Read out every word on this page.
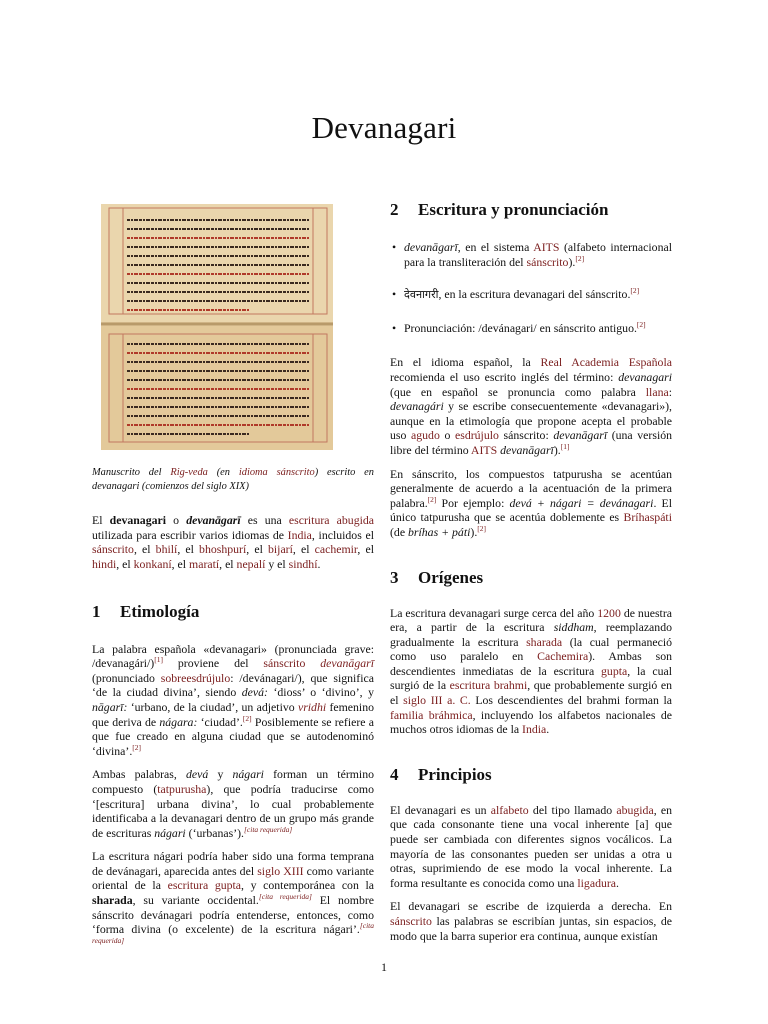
Devanagari
Manuscrito del Rig-veda (en idioma sánscrito) escrito en devanagari (comienzos del siglo XIX)

El devanagari o devanāgarī es una escritura abugida utilizada para escribir varios idiomas de India, incluidos el sánscrito, el bhilí, el bhoshpurí, el bijarí, el cachemir, el hindi, el konkaní, el maratí, el nepalí y el sindhí.

1 Etimología

La palabra española «devanagari» (pronunciada grave: /devanagári/)[1] proviene del sánscrito devanāgarī (pronunciado sobreesdrújulo: /devánagari/), que significa ‘de la ciudad divina’, siendo devá: ‘dioss’ o ‘divino’, y nāgarī: ‘urbano, de la ciudad’, un adjetivo vridhi femenino que deriva de nágara: ‘ciudad’.[2] Posiblemente se refiere a que fue creado en alguna ciudad que se autodenominó ‘divina’.[2]

Ambas palabras, devá y nágari forman un término compuesto (tatpurusha), que podría traducirse como ‘[escritura] urbana divina’, lo cual probablemente identificaba a la devanagari dentro de un grupo más grande de escrituras nágari (‘urbanas’).[cita requerida]

La escritura nágari podría haber sido una forma temprana de devánagari, aparecida antes del siglo XIII como variante oriental de la escritura gupta, y contemporánea con la sharada, su variante occidental.[cita requerida] El nombre sánscrito devánagari podría entenderse, entonces, como ‘forma divina (o excelente) de la escritura nágari’.[cita requerida]

2 Escritura y pronunciación
• devanāgarī, en el sistema AITS (alfabeto internacional para la transliteración del sánscrito).[2]
• देवनागरी, en la escritura devanagari del sánscrito.[2]
• Pronunciación: /devánagari/ en sánscrito antiguo.[2]

En el idioma español, la Real Academia Española recomienda el uso escrito inglés del término: devanagari (que en español se pronuncia como palabra llana: devanagári y se escribe consecuentemente «devanagari»), aunque en la etimología que propone acepta el probable uso agudo o esdrújulo sánscrito: devanāgarī (una versión libre del término AITS devanāgarī).[1]

En sánscrito, los compuestos tatpurusha se acentúan generalmente de acuerdo a la acentuación de la primera palabra.[2] Por ejemplo: devá + nágari = devánagari. El único tatpurusha que se acentúa doblemente es Bríhaspáti (de bríhas + páti).[2]

3 Orígenes

La escritura devanagari surge cerca del año 1200 de nuestra era, a partir de la escritura siddham, reemplazando gradualmente la escritura sharada (la cual permaneció como uso paralelo en Cachemira). Ambas son descendientes inmediatas de la escritura gupta, la cual surgió de la escritura brahmi, que probablemente surgió en el siglo III a. C. Los descendientes del brahmi forman la familia bráhmica, incluyendo los alfabetos nacionales de muchos otros idiomas de la India.

4 Principios

El devanagari es un alfabeto del tipo llamado abugida, en que cada consonante tiene una vocal inherente [a] que puede ser cambiada con diferentes signos vocálicos. La mayoría de las consonantes pueden ser unidas a otra u otras, suprimiendo de ese modo la vocal inherente. La forma resultante es conocida como una ligadura.

El devanagari se escribe de izquierda a derecha. En sánscrito las palabras se escribían juntas, sin espacios, de modo que la barra superior era continua, aunque existían

1
